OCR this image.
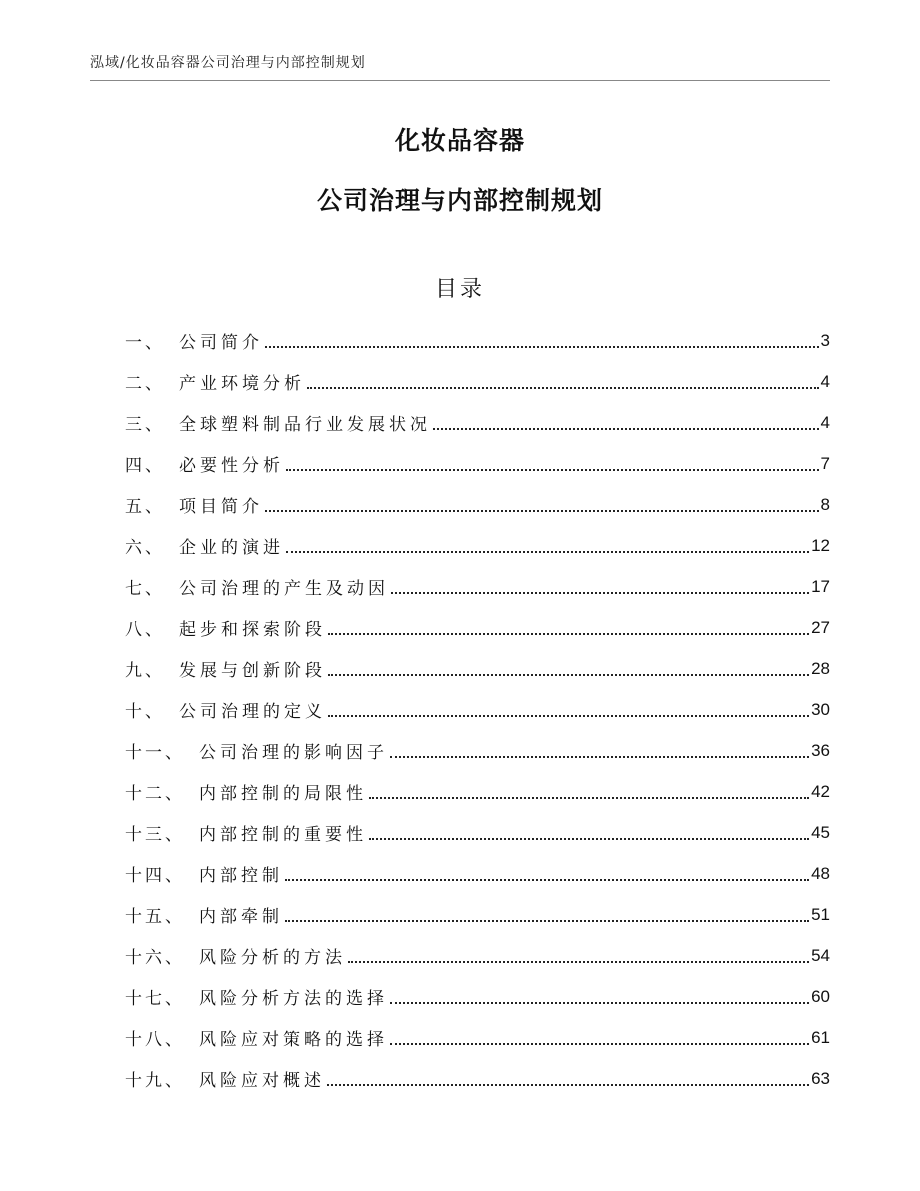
泓域/化妆品容器公司治理与内部控制规划
化妆品容器
公司治理与内部控制规划
目录
一、 公司简介	3
二、 产业环境分析	4
三、 全球塑料制品行业发展状况	4
四、 必要性分析	7
五、 项目简介	8
六、 企业的演进	12
七、 公司治理的产生及动因	17
八、 起步和探索阶段	27
九、 发展与创新阶段	28
十、 公司治理的定义	30
十一、 公司治理的影响因子	36
十二、 内部控制的局限性	42
十三、 内部控制的重要性	45
十四、 内部控制	48
十五、 内部牵制	51
十六、 风险分析的方法	54
十七、 风险分析方法的选择	60
十八、 风险应对策略的选择	61
十九、 风险应对概述	63
